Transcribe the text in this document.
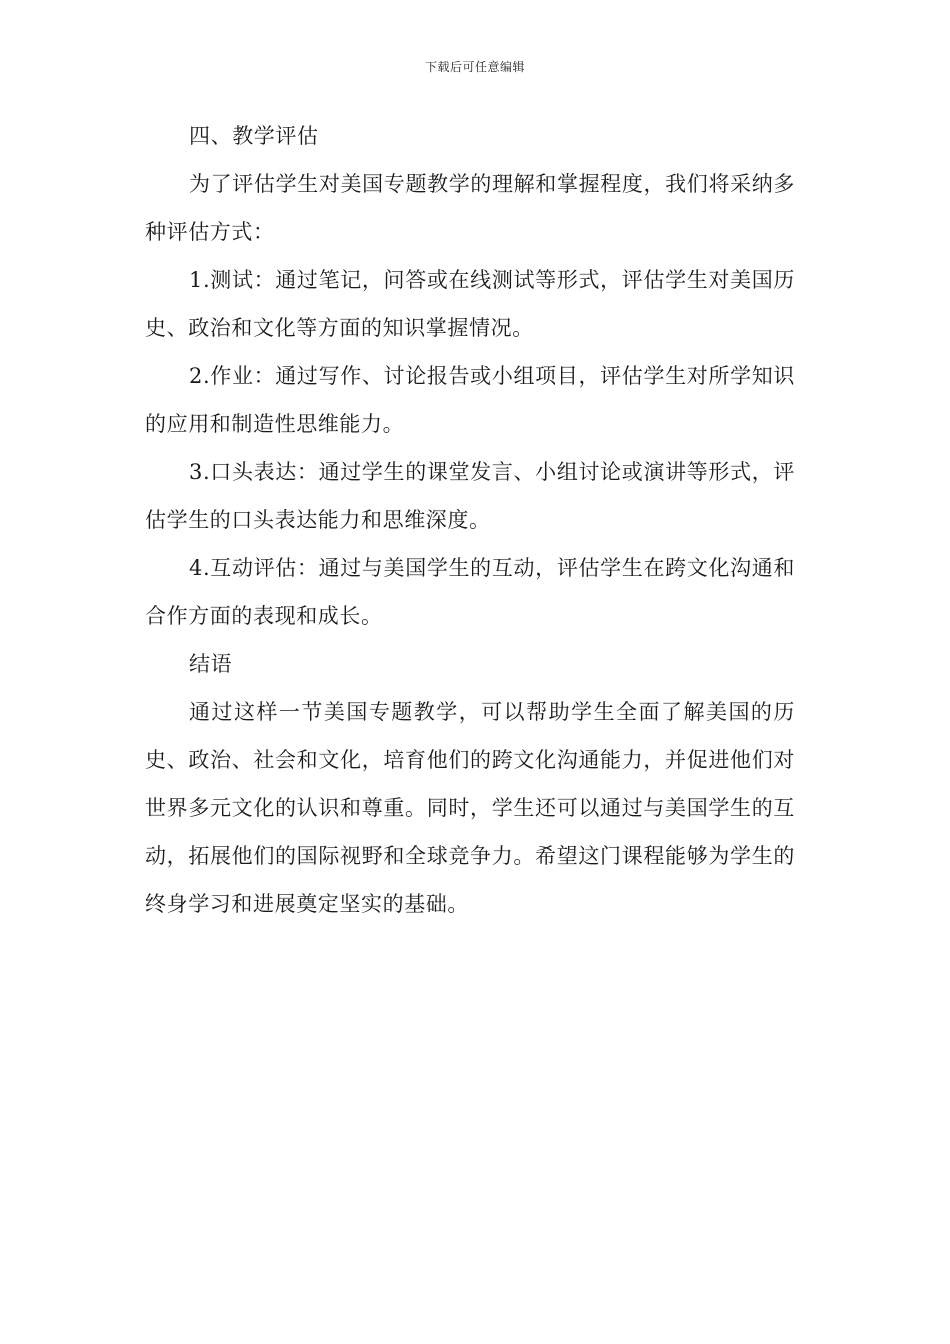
下载后可任意编辑

四、教学评估

为了评估学生对美国专题教学的理解和掌握程度，我们将采纳多种评估方式：

1.测试：通过笔记，问答或在线测试等形式，评估学生对美国历史、政治和文化等方面的知识掌握情况。

2.作业：通过写作、讨论报告或小组项目，评估学生对所学知识的应用和制造性思维能力。

3.口头表达：通过学生的课堂发言、小组讨论或演讲等形式，评估学生的口头表达能力和思维深度。

4.互动评估：通过与美国学生的互动，评估学生在跨文化沟通和合作方面的表现和成长。

结语

通过这样一节美国专题教学，可以帮助学生全面了解美国的历史、政治、社会和文化，培育他们的跨文化沟通能力，并促进他们对世界多元文化的认识和尊重。同时，学生还可以通过与美国学生的互动，拓展他们的国际视野和全球竞争力。希望这门课程能够为学生的终身学习和进展奠定坚实的基础。
